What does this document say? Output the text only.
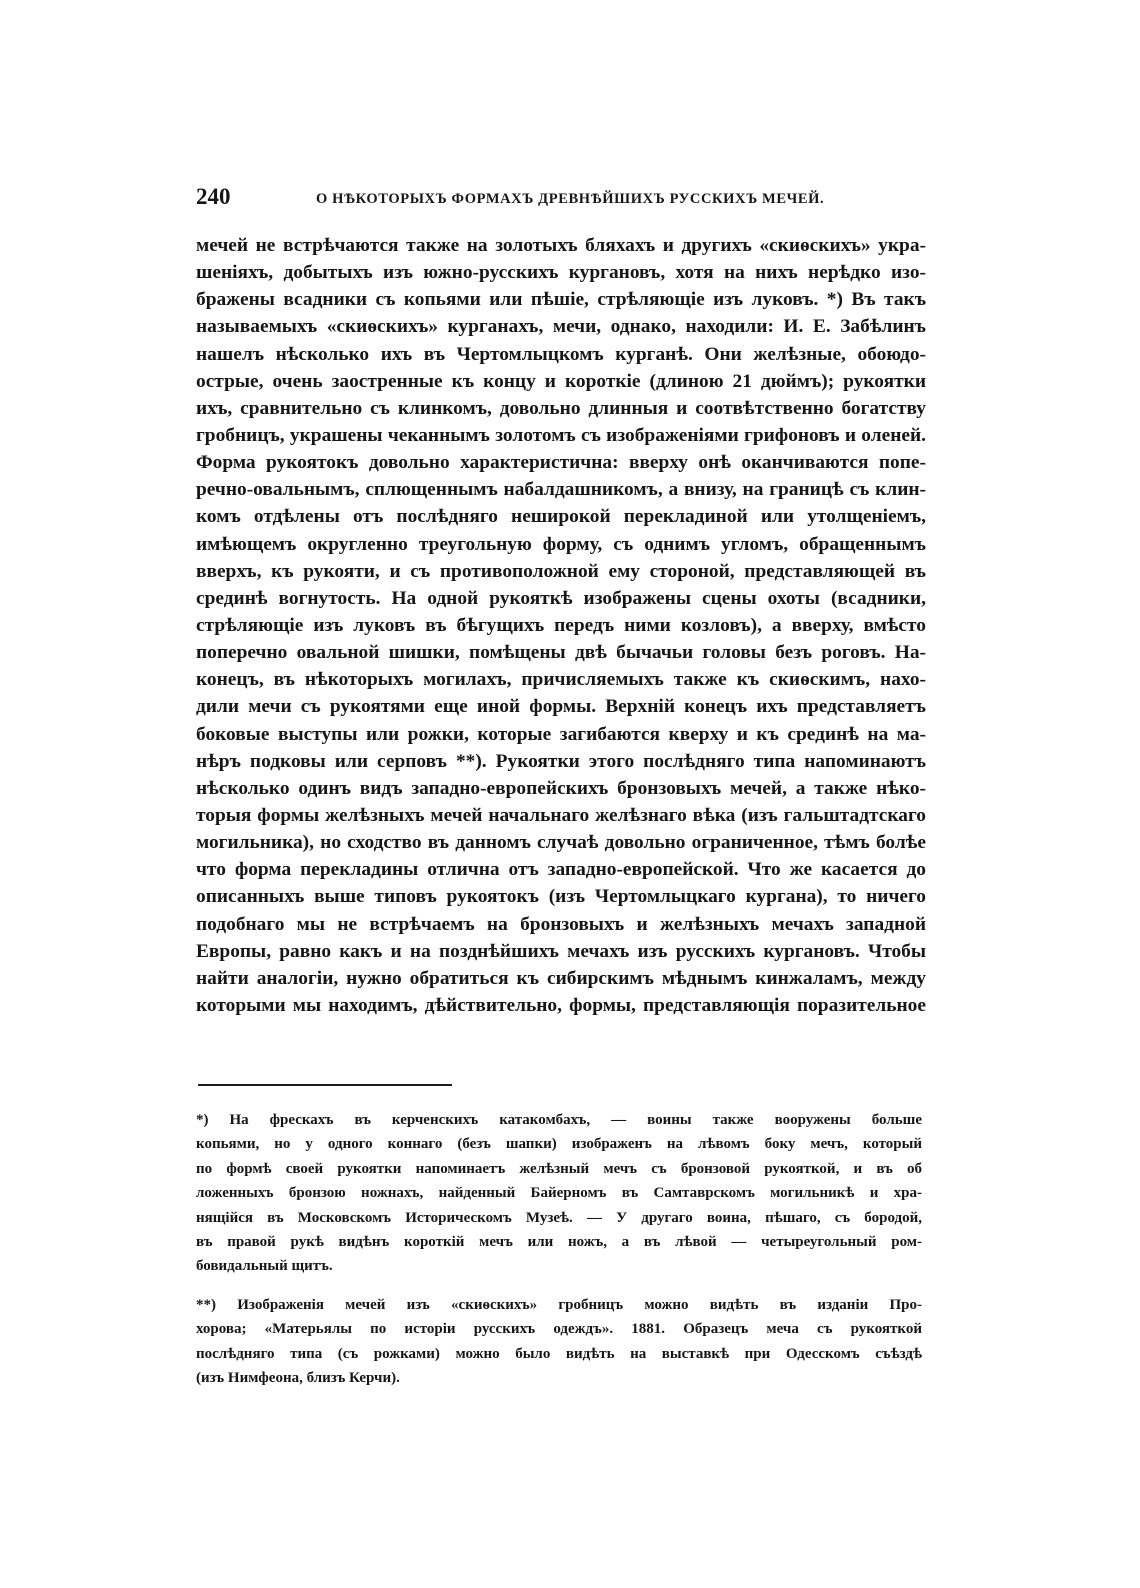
240	О НѢКОТОРЫХЪ ФОРМАХЪ ДРЕВНѢЙШИХЪ РУССКИХЪ МЕЧЕЙ.
мечей не встрѣчаются также на золотыхъ бляхахъ и другихъ «скиѳскихъ» укра-
шеніяхъ, добытыхъ изъ южно-русскихъ кургановъ, хотя на нихъ нерѣдко изо-
бражены всадники съ копьями или пѣшіе, стрѣляющіе изъ луковъ. *) Въ такъ
называемыхъ «скиѳскихъ» курганахъ, мечи, однако, находили: И. Е. Забѣлинъ
нашелъ нѣсколько ихъ въ Чертомлыцкомъ курганѣ. Они желѣзные, обоюдо-
острые, очень заостренные къ концу и короткіе (длиною 21 дюймъ); рукоятки
ихъ, сравнительно съ клинкомъ, довольно длинныя и соотвѣтственно богатству
гробницъ, украшены чеканнымъ золотомъ съ изображеніями грифоновъ и оленей.
Форма рукоятокъ довольно характеристична: вверху онѣ оканчиваются попе-
речно-овальнымъ, сплющеннымъ набалдашникомъ, а внизу, на границѣ съ клин-
комъ отдѣлены отъ послѣдняго неширокой перекладиной или утолщеніемъ,
имѣющемъ округленно треугольную форму, съ однимъ угломъ, обращеннымъ
вверхъ, къ рукояти, и съ противоположной ему стороной, представляющей въ
срединѣ вогнутость. На одной рукояткѣ изображены сцены охоты (всадники,
стрѣляющіе изъ луковъ въ бѣгущихъ передъ ними козловъ), а вверху, вмѣсто
поперечно овальной шишки, помѣщены двѣ бычачьи головы безъ роговъ. На-
конецъ, въ нѣкоторыхъ могилахъ, причисляемыхъ также къ скиѳскимъ, нахо-
дили мечи съ рукоятями еще иной формы. Верхній конецъ ихъ представляетъ
боковые выступы или рожки, которые загибаются кверху и къ срединѣ на ма-
нѣръ подковы или серповъ **). Рукоятки этого послѣдняго типа напоминаютъ
нѣсколько одинъ видъ западно-европейскихъ бронзовыхъ мечей, а также нѣко-
торыя формы желѣзныхъ мечей начальнаго желѣзнаго вѣка (изъ гальштадтскаго
могильника), но сходство въ данномъ случаѣ довольно ограниченное, тѣмъ болѣе
что форма перекладины отлична отъ западно-европейской. Что же касается до
описанныхъ выше типовъ рукоятокъ (изъ Чертомлыцкаго кургана), то ничего
подобнаго мы не встрѣчаемъ на бронзовыхъ и желѣзныхъ мечахъ западной
Европы, равно какъ и на позднѣйшихъ мечахъ изъ русскихъ кургановъ. Чтобы
найти аналогіи, нужно обратиться къ сибирскимъ мѣднымъ кинжаламъ, между
которыми мы находимъ, дѣйствительно, формы, представляющія поразительное
*) На фрескахъ въ керченскихъ катакомбахъ, — воины также вооружены больше
копьями, но у одного коннаго (безъ шапки) изображенъ на лѣвомъ боку мечъ, который
по формѣ своей рукоятки напоминаетъ желѣзный мечъ съ бронзовой рукояткой, и въ об
ложенныхъ бронзою ножнахъ, найденный Байерномъ въ Самтаврскомъ могильникѣ и хра-
нящійся въ Московскомъ Историческомъ Музеѣ. — У другаго воина, пѣшаго, съ бородой,
въ правой рукѣ видѣнъ короткій мечъ или ножъ, а въ лѣвой — четыреугольный ром-
бовидальный щитъ.
**) Изображенія мечей изъ «скиѳскихъ» гробницъ можно видѣть въ изданіи Про-
хорова; «Матерьялы по исторіи русскихъ одеждъ». 1881. Образецъ меча съ рукояткой
послѣдняго типа (съ рожками) можно было видѣть на выставкѣ при Одесскомъ съѣздѣ
(изъ Нимфеона, близъ Керчи).
